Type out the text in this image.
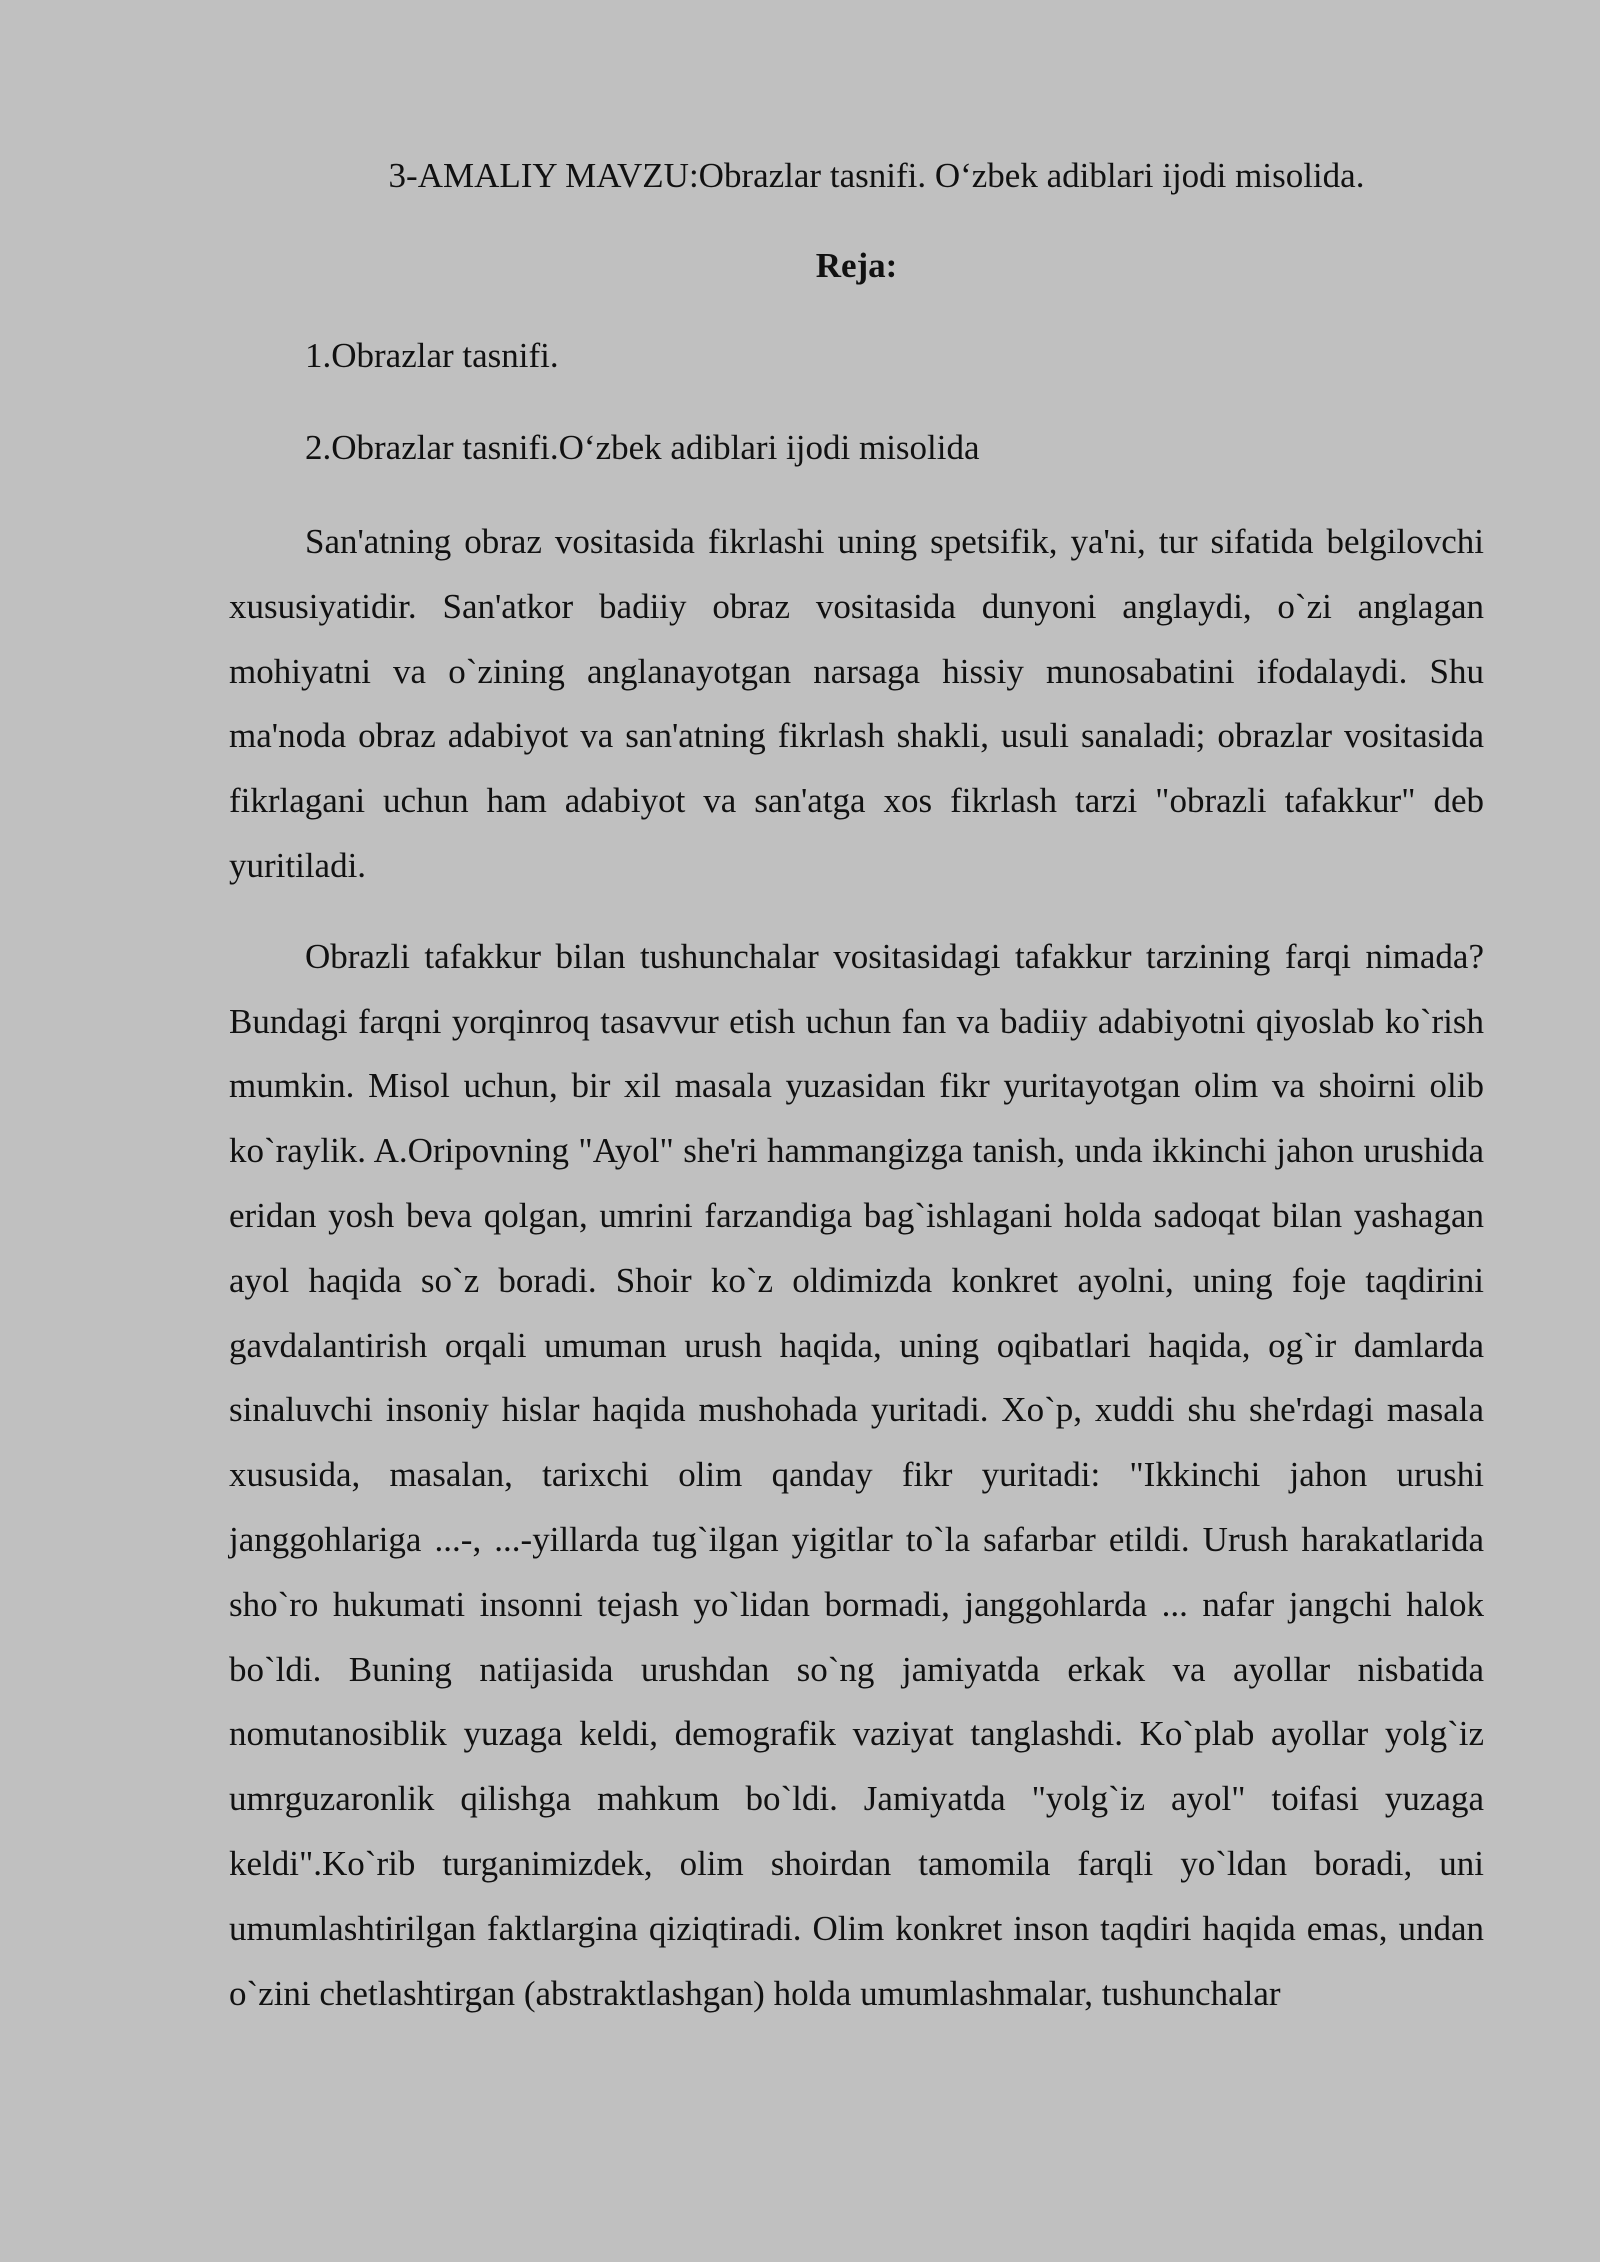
3-AMALIY MAVZU:Obrazlar tasnifi. O‘zbek adiblari ijodi misolida.
Reja:
1.Obrazlar tasnifi.
2.Obrazlar tasnifi.O‘zbek adiblari ijodi misolida

San'atning obraz vositasida fikrlashi uning spetsifik, ya'ni, tur sifatida belgilovchi xususiyatidir. San'atkor badiiy obraz vositasida dunyoni anglaydi, o`zi anglagan mohiyatni va o`zining anglanayotgan narsaga hissiy munosabatini ifodalaydi. Shu ma'noda obraz adabiyot va san'atning fikrlash shakli, usuli sanaladi; obrazlar vositasida fikrlagani uchun ham adabiyot va san'atga xos fikrlash tarzi "obrazli tafakkur" deb yuritiladi.

Obrazli tafakkur bilan tushunchalar vositasidagi tafakkur tarzining farqi nimada? Bundagi farqni yorqinroq tasavvur etish uchun fan va badiiy adabiyotni qiyoslab ko`rish mumkin. Misol uchun, bir xil masala yuzasidan fikr yuritayotgan olim va shoirni olib ko`raylik. A.Oripovning "Ayol" she'ri hammangizga tanish, unda ikkinchi jahon urushida eridan yosh beva qolgan, umrini farzandiga bag`ishlagani holda sadoqat bilan yashagan ayol haqida so`z boradi. Shoir ko`z oldimizda konkret ayolni, uning foje taqdirini gavdalantirish orqali umuman urush haqida, uning oqibatlari haqida, og`ir damlarda sinaluvchi insoniy hislar haqida mushohada yuritadi. Xo`p, xuddi shu she'rdagi masala xususida, masalan, tarixchi olim qanday fikr yuritadi: "Ikkinchi jahon urushi janggohlariga ...-, ...-yillarda tug`ilgan yigitlar to`la safarbar etildi. Urush harakatlarida sho`ro hukumati insonni tejash yo`lidan bormadi, janggohlarda ... nafar jangchi halok bo`ldi. Buning natijasida urushdan so`ng jamiyatda erkak va ayollar nisbatida nomutanosiblik yuzaga keldi, demografik vaziyat tanglashdi. Ko`plab ayollar yolg`iz umrguzaronlik qilishga mahkum bo`ldi. Jamiyatda "yolg`iz ayol" toifasi yuzaga keldi".Ko`rib turganimizdek, olim shoirdan tamomila farqli yo`ldan boradi, uni umumlashtirilgan faktlargina qiziqtiradi. Olim konkret inson taqdiri haqida emas, undan o`zini chetlashtirgan (abstraktlashgan) holda umumlashmalar, tushunchalar
